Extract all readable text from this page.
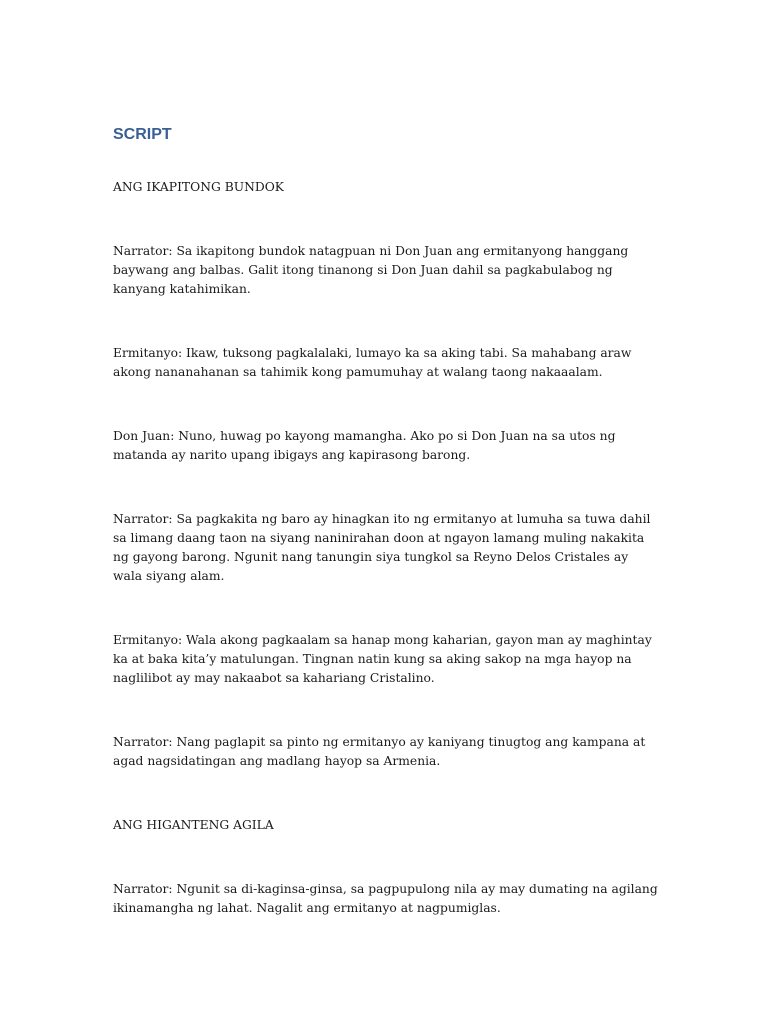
SCRIPT

ANG IKAPITONG BUNDOK

Narrator: Sa ikapitong bundok natagpuan ni Don Juan ang ermitanyong hanggang baywang ang balbas. Galit itong tinanong si Don Juan dahil sa pagkabulabog ng kanyang katahimikan.

Ermitanyo: Ikaw, tuksong pagkalalaki, lumayo ka sa aking tabi. Sa mahabang araw akong nananahanan sa tahimik kong pamumuhay at walang taong nakaaalam.

Don Juan: Nuno, huwag po kayong mamangha. Ako po si Don Juan na sa utos ng matanda ay narito upang ibigays ang kapirasong barong.

Narrator: Sa pagkakita ng baro ay hinagkan ito ng ermitanyo at lumuha sa tuwa dahil sa limang daang taon na siyang naninirahan doon at ngayon lamang muling nakakita ng gayong barong. Ngunit nang tanungin siya tungkol sa Reyno Delos Cristales ay wala siyang alam.

Ermitanyo: Wala akong pagkaalam sa hanap mong kaharian, gayon man ay maghintay ka at baka kita’y matulungan. Tingnan natin kung sa aking sakop na mga hayop na naglilibot ay may nakaabot sa kahariang Cristalino.

Narrator: Nang paglapit sa pinto ng ermitanyo ay kaniyang tinugtog ang kampana at agad nagsidatingan ang madlang hayop sa Armenia.

ANG HIGANTENG AGILA

Narrator: Ngunit sa di-kaginsa-ginsa, sa pagpupulong nila ay may dumating na agilang ikinamangha ng lahat. Nagalit ang ermitanyo at nagpumiglas.
